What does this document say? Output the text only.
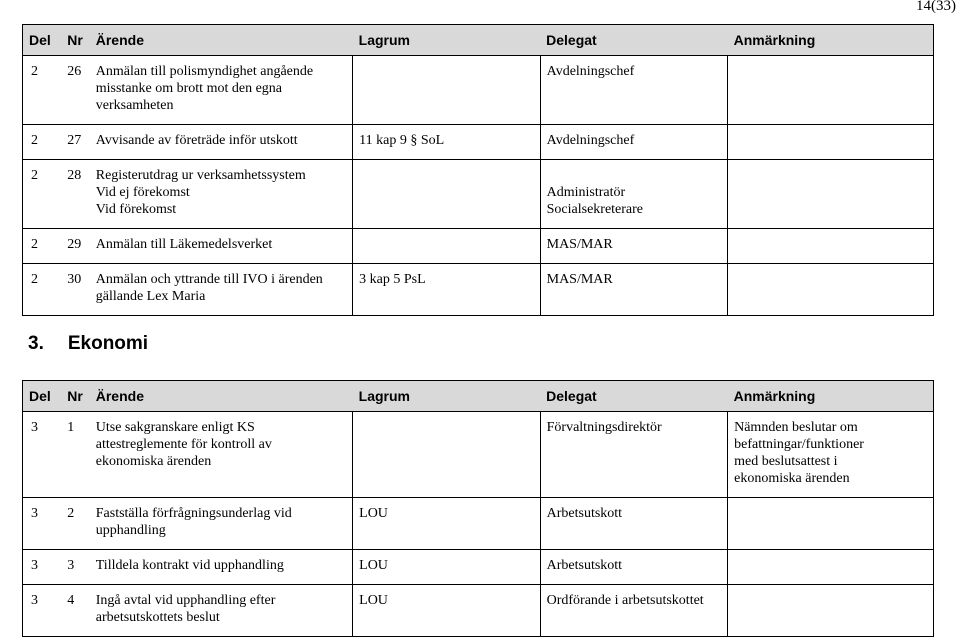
14(33)
Del	Nr	Ärende	Lagrum	Delegat	Anmärkning
2	26	Anmälan till polismyndighet angående
misstanke om brott mot den egna
verksamheten		Avdelningschef	

2	27	Avvisande av företräde inför utskott	11 kap 9 § SoL	Avdelningschef	

2	28	Registerutdrag ur verksamhetssystem
Vid ej förekomst
Vid förekomst		Administratör
Socialsekreterare	

2	29	Anmälan till Läkemedelsverket		MAS/MAR	

2	30	Anmälan och yttrande till IVO i ärenden
gällande Lex Maria	3 kap 5 PsL	MAS/MAR	

3. Ekonomi
Del	Nr	Ärende	Lagrum	Delegat	Anmärkning
3	1	Utse sakgranskare enligt KS
attestreglemente för kontroll av
ekonomiska ärenden		Förvaltningsdirektör	Nämnden beslutar om
befattningar/funktioner
med beslutsattest i
ekonomiska ärenden

3	2	Fastställa förfrågningsunderlag vid
upphandling	LOU	Arbetsutskott	

3	3	Tilldela kontrakt vid upphandling	LOU	Arbetsutskott	

3	4	Ingå avtal vid upphandling efter
arbetsutskottets beslut	LOU	Ordförande i arbetsutskottet	
